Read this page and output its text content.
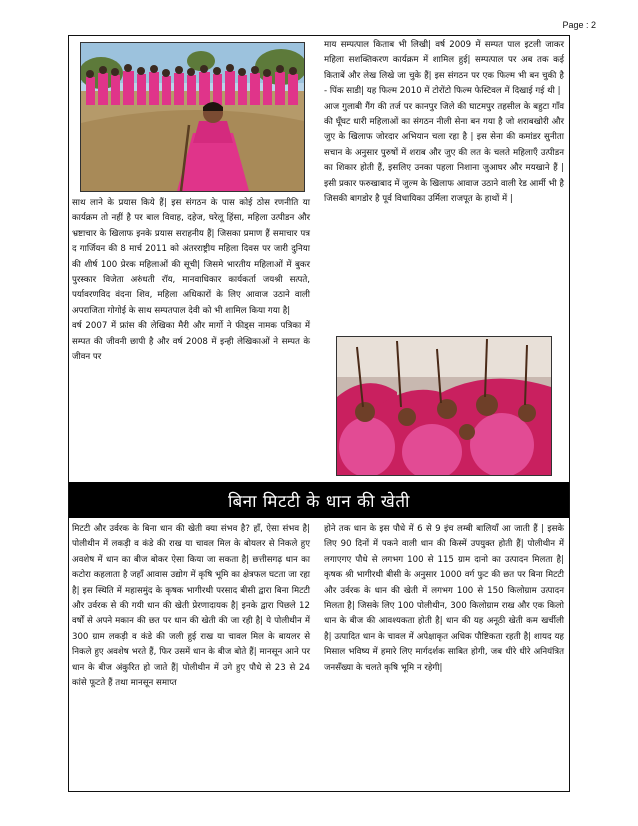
Page : 2

साथ लाने के प्रयास किये हैं| इस संगठन के पास कोई ठोस रणनीति या कार्यक्रम तो नहीं है पर बाल विवाह, दहेज, घरेलू हिंसा, महिला उत्पीडन और भ्रष्टाचार के खिलाफ इनके प्रयास सराहनीय हैं| जिसका प्रमाण हैं समाचार पत्र द गार्जियन की 8 मार्च 2011 को अंतरराष्ट्रीय महिला दिवस पर जारी दुनिया की शीर्ष 100 प्रेरक महिलाओं की सूची| जिसमे भारतीय महिलाओं में बुकर पुरस्कार विजेता अरुंधती रॉय, मानवाधिकार कार्यकर्ता जयश्री सत्पते, पर्यावरणविद वंदना शिव, महिला अधिकारों के लिए आवाज उठाने वाली अपराजिता गोगोई के साथ सम्पतपाल देवी को भी शामिल किया गया है|

वर्ष 2007 में फ्रांस की लेखिका मैरी और मार्गो ने फीड्स नामक पत्रिका में सम्पत की जीवनी छापी है और वर्ष 2008 में इन्ही लेखिकाओं ने सम्पत के जीवन पर

माय सम्पत्पाल किताब भी लिखी| वर्ष 2009 में सम्पत पाल इटली जाकर महिला सशक्तिकरण कार्यक्रम में शामिल हुई| सम्पत्पाल पर अब तक कई किताबें और लेख लिखे जा चुके हैं| इस संगठन पर एक फिल्म भी बन चुकी है - पिंक साडी| यह फिल्म 2010 में टोरोंटो फिल्म फेस्टिवल में दिखाई गई थी |

आज गुलाबी गैंग की तर्ज पर कानपुर जिले की घाटमपुर तहसील के बहुटा गाँव की घूँघट धारी महिलाओं का संगठन नीली सेना बन गया है जो शराबखोरी और जुए के खिलाफ जोरदार अभियान चला रहा है | इस सेना की कमांडर सुनीता सचान के अनुसार पुरुषों में शराब और जुए की लत के चलते महिलाएँ उत्पीडन का शिकार होती हैं, इसलिए उनका पहला निशाना जुआघर और मयखाने हैं | इसी प्रकार फरुखाबाद में जुल्म के खिलाफ आवाज उठाने वाली रेड आर्मी भी है जिसकी बागडोर है पूर्व विधायिका उर्मिला राजपूत के हाथों में |

बिना मिटटी के धान की खेती

मिटटी और उर्वरक के बिना धान की खेती क्या संभव है? हाँ, ऐसा संभव है| पोलीथीन में लकड़ी व कंडे की राख या चावल मिल के बोयलर से निकले हुए अवशेष में धान का बीज बोकर ऐसा किया जा सकता है| छत्तीसगढ़ धान का कटोरा कहलाता है जहाँ आवास उद्योग में कृषि भूमि का क्षेत्रफल घटता जा रहा है| इस स्थिति में महासमुंद के कृषक भागीरथी परसाद बीसी द्वारा बिना मिटटी और उर्वरक से की गयी धान की खेती प्रेरणादायक है| इनके द्वारा पिछले 12 वर्षों से अपने मकान की छत पर धान की खेती की जा रही है| ये पोलीथीन में 300 ग्राम लकड़ी व कंडे की जली हुई राख या चावल मिल के बायलर से निकले हुए अवशेष भरते हैं, फिर उसमें धान के बीज बोते हैं| मानसून आने पर धान के बीज अंकुरित हो जाते हैं| पोलीथीन में उगे हुए पौधे से 23 से 24 कांसे फूटते हैं तथा मानसून समाप्त

होने तक धान के इस पौधे में 6 से 9 इंच लम्बी बालियाँ आ जाती हैं | इसके लिए 90 दिनों में पकने वाली धान की किस्में उपयुक्त होती हैं| पोलीथीन में लगाएगए पौधे से लगभग 100 से 115 ग्राम दानो का उत्पादन मिलता है| कृषक श्री भागीरथी बीसी के अनुसार 1000 वर्ग फुट की छत पर बिना मिटटी और उर्वरक के धान की खेती में लगभग 100 से 150 किलोग्राम उत्पादन मिलता है| जिसके लिए 100 पोलीथीन, 300 किलोग्राम राख और एक किलो धान के बीज की आवश्यकता होती है| धान की यह अनूठी खेती कम खर्चीली है| उत्पादित धान के चावल में अपेक्षाकृत अधिक पौष्टिकता रहती है| शायद यह मिसाल भविष्य में हमारे लिए मार्गदर्शक साबित होगी, जब धीरे धीरे अनियंत्रित जनसँख्या के चलते कृषि भूमि न रहेगी|
